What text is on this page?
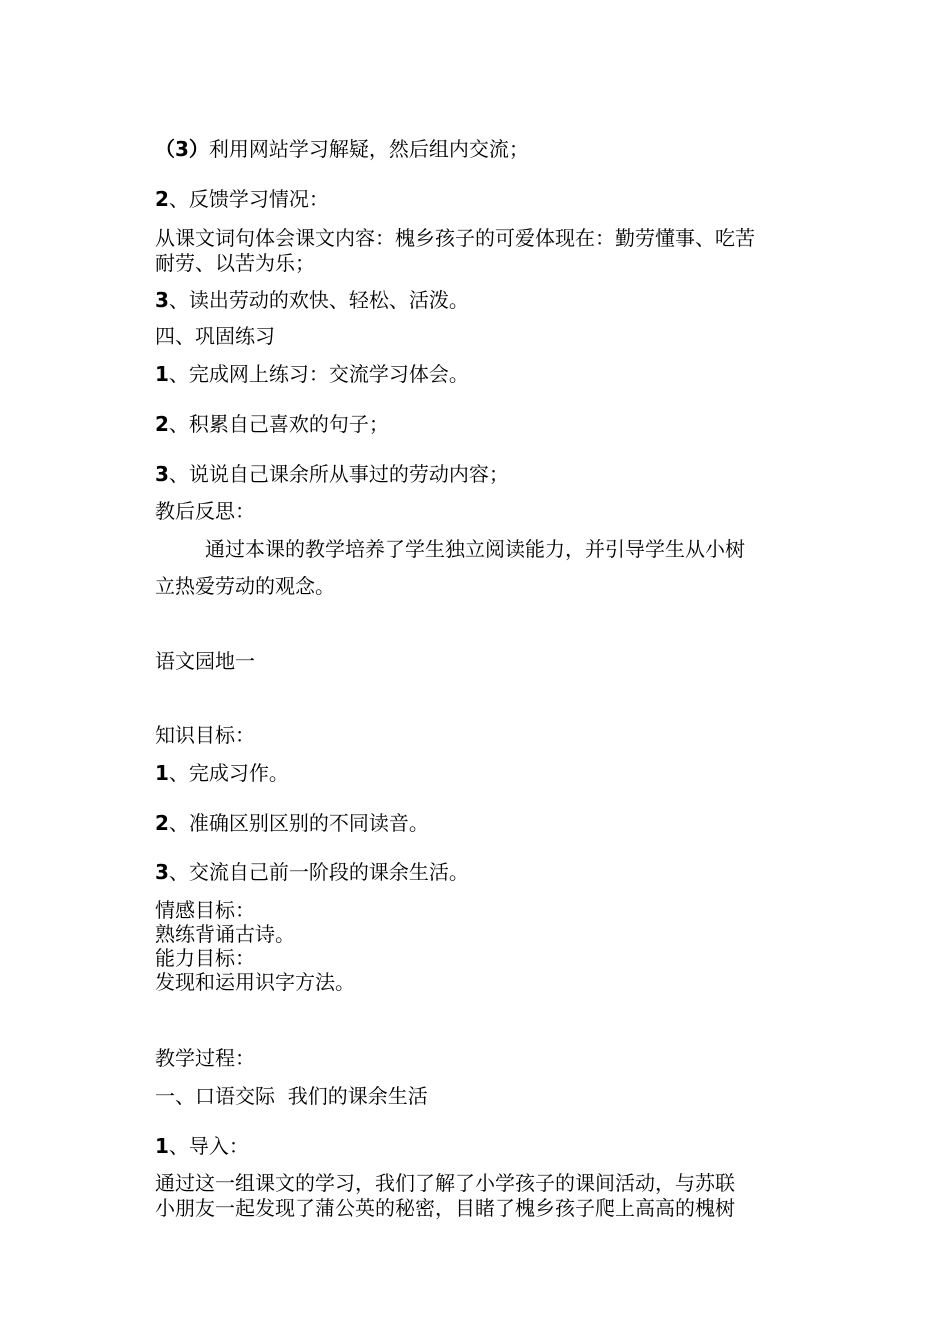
（3）利用网站学习解疑，然后组内交流；
2、反馈学习情况：
从课文词句体会课文内容：槐乡孩子的可爱体现在：勤劳懂事、吃苦
耐劳、以苦为乐；
3、读出劳动的欢快、轻松、活泼。
四、巩固练习
1、完成网上练习：交流学习体会。
2、积累自己喜欢的句子；
3、说说自己课余所从事过的劳动内容；
教后反思：
通过本课的教学培养了学生独立阅读能力，并引导学生从小树
立热爱劳动的观念。
语文园地一
知识目标：
1、完成习作。
2、准确区别区别的不同读音。
3、交流自己前一阶段的课余生活。
情感目标：
熟练背诵古诗。
能力目标：
发现和运用识字方法。
教学过程：
一、口语交际  我们的课余生活
1、导入：
通过这一组课文的学习，我们了解了小学孩子的课间活动，与苏联
小朋友一起发现了蒲公英的秘密，目睹了槐乡孩子爬上高高的槐树
